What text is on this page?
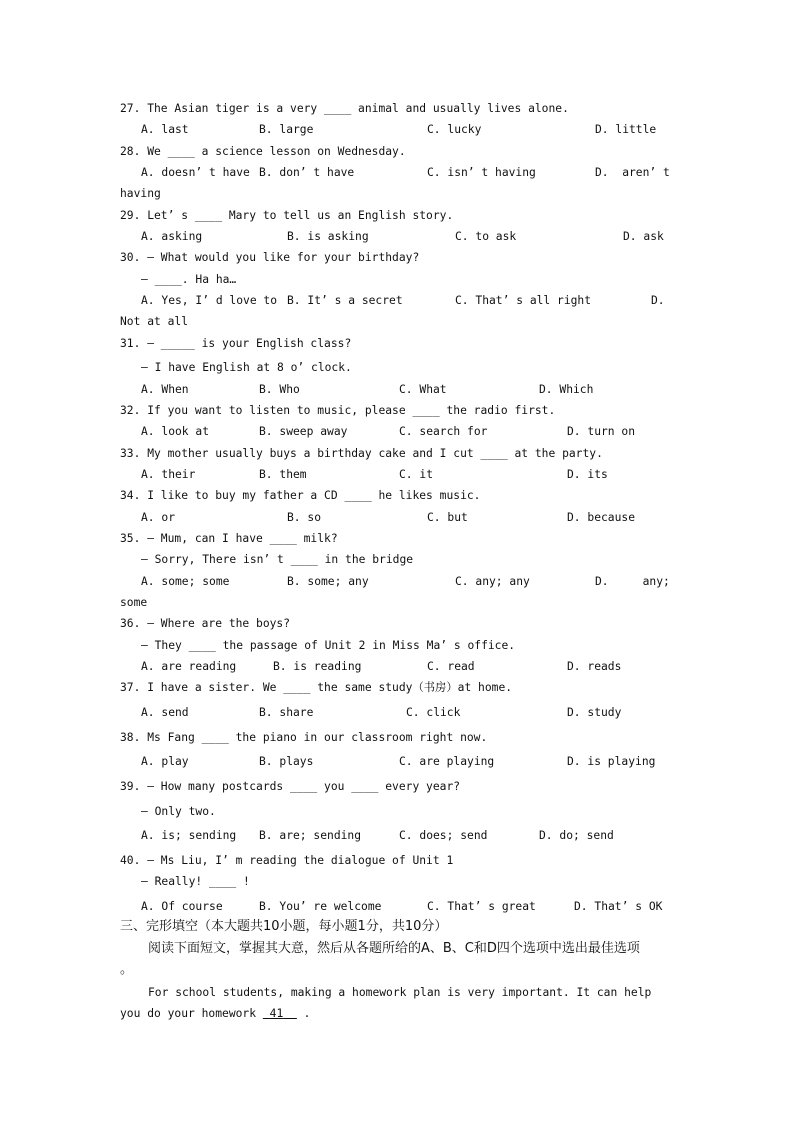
27. The Asian tiger is a very ____ animal and usually lives alone.
A. last	B. large	C. lucky	D. little
28. We ____ a science lesson on Wednesday.
A. doesn’ t have B. don’ t have	C. isn’ t having	D.  aren’ t
having
29. Let’ s ____ Mary to tell us an English story.
A. asking	B. is asking	C. to ask	D. ask
30. — What would you like for your birthday?
— ____. Ha ha…
A. Yes, I’ d love to B. It’ s a secret	C. That’ s all right	D.
Not at all
31. — _____ is your English class?
— I have English at 8 o’ clock.
A. When	B. Who	C. What	D. Which
32. If you want to listen to music, please ____ the radio first.
A. look at	B. sweep away	C. search for	D. turn on
33. My mother usually buys a birthday cake and I cut ____ at the party.
A. their	B. them	C. it	D. its
34. I like to buy my father a CD ____ he likes music.
A. or	B. so	C. but	D. because
35. — Mum, can I have ____ milk?
— Sorry, There isn’ t ____ in the bridge
A. some; some	B. some; any	C. any; any	D.     any;
some
36. — Where are the boys?
— They ____ the passage of Unit 2 in Miss Ma’ s office.
A. are reading	B. is reading	C. read	D. reads
37. I have a sister. We ____ the same study（书房）at home.
A. send	B. share	C. click	D. study
38. Ms Fang ____ the piano in our classroom right now.
A. play	B. plays	C. are playing	D. is playing
39. — How many postcards ____ you ____ every year?
— Only two.
A. is; sending B. are; sending	C. does; send	D. do; send
40. — Ms Liu, I’ m reading the dialogue of Unit 1
— Really! ____ !
A. Of course	B. You’ re welcome	C. That’ s great	D. That’ s OK
三、完形填空（本大题共10小题，每小题1分，共10分）
阅读下面短文，掌握其大意，然后从各题所给的A、B、C和D四个选项中选出最佳选项
。
For school students, making a homework plan is very important. It can help
you do your homework  41   .
